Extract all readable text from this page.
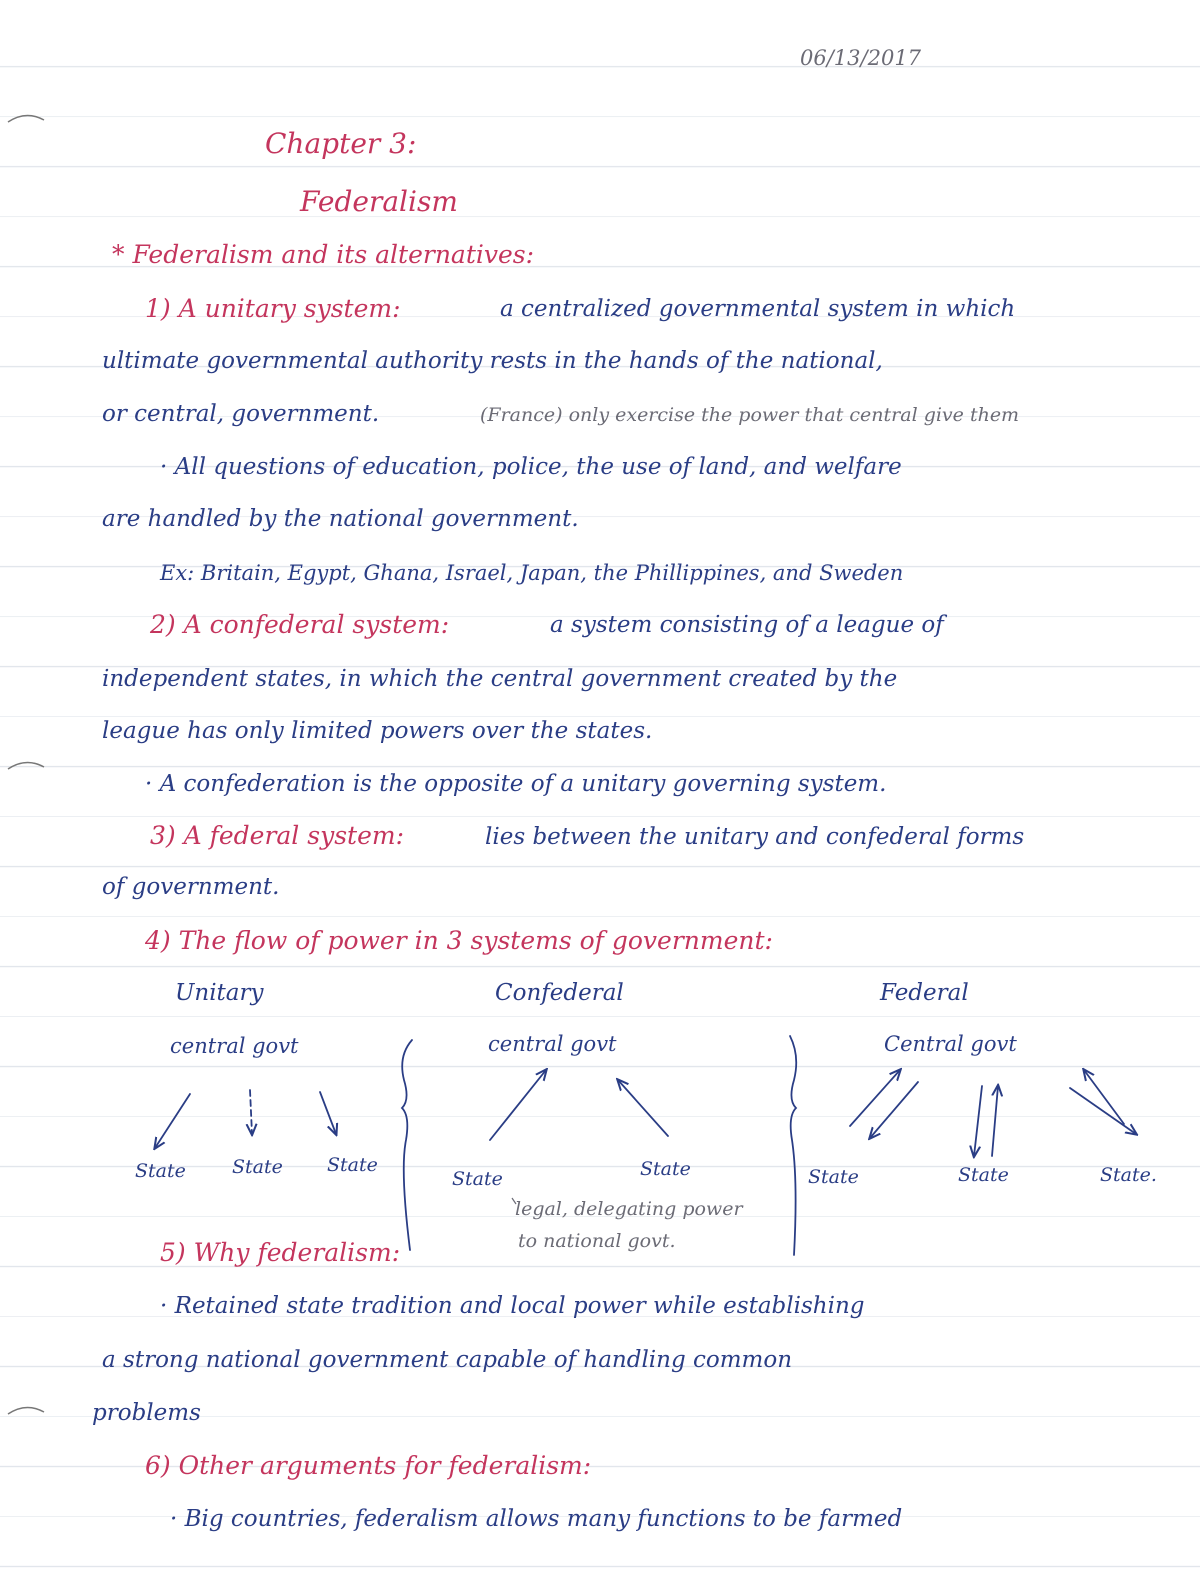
06/13/2017
Chapter 3:
Federalism
* Federalism and its alternatives:
1) A unitary system:	a centralized governmental system in which
ultimate governmental authority rests in the hands of the national,
or central, government.	(France) only exercise the power that central give them
· All questions of education, police, the use of land, and welfare
are handled by the national government.
Ex: Britain, Egypt, Ghana, Israel, Japan, the Phillippines, and Sweden
2) A confederal system:	a system consisting of a league of
independent states, in which the central government created by the
league has only limited powers over the states.
· A confederation is the opposite of a unitary governing system.
3) A federal system:	lies between the unitary and confederal forms
of government.
4) The flow of power in 3 systems of government:
Unitary	Confederal	Federal
central govt	central govt	Central govt
State State State
State	State	State	State	State.
legal, delegating power
to national govt.
5) Why federalism:
· Retained state tradition and local power while establishing
a strong national government capable of handling common
problems
6) Other arguments for federalism:
· Big countries, federalism allows many functions to be farmed
